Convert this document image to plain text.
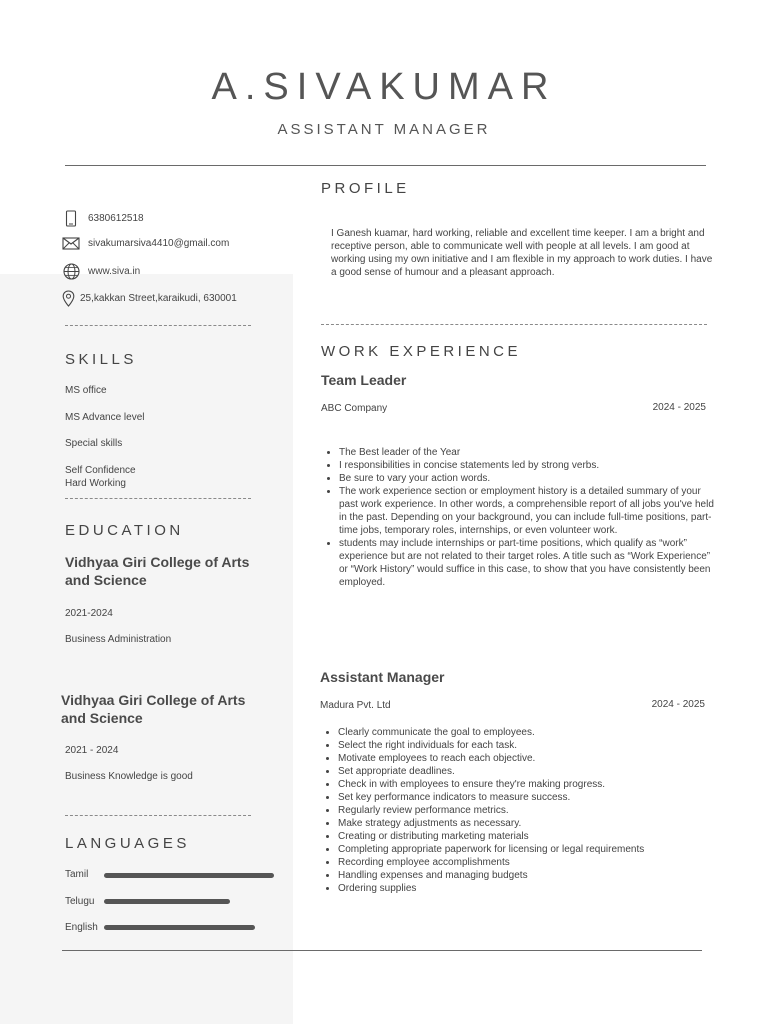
A.SIVAKUMAR
ASSISTANT MANAGER
6380612518
sivakumarsiva4410@gmail.com
www.siva.in
25,kakkan Street,karaikudi, 630001
SKILLS
MS office
MS Advance level
Special skills
Self Confidence
Hard Working
EDUCATION
Vidhyaa Giri College of Arts and Science
2021-2024
Business Administration
Vidhyaa Giri College of Arts and Science
2021 - 2024
Business Knowledge is good
LANGUAGES
Tamil
Telugu
English
PROFILE
I Ganesh kuamar, hard working, reliable and excellent time keeper. I am a bright and receptive person, able to communicate well with people at all levels. I am good at working using my own initiative and I am flexible in my approach to work duties. I have a good sense of humour and a pleasant approach.
WORK EXPERIENCE
Team Leader
ABC Company	2024 - 2025
• The Best leader of the Year
• I responsibilities in concise statements led by strong verbs.
• Be sure to vary your action words.
• The work experience section or employment history is a detailed summary of your past work experience. In other words, a comprehensible report of all jobs you've held in the past. Depending on your background, you can include full-time positions, part-time jobs, temporary roles, internships, or even volunteer work.
• students may include internships or part-time positions, which qualify as “work” experience but are not related to their target roles. A title such as “Work Experience” or “Work History” would suffice in this case, to show that you have consistently been employed.
Assistant Manager
Madura Pvt. Ltd	2024 - 2025
• Clearly communicate the goal to employees.
• Select the right individuals for each task.
• Motivate employees to reach each objective.
• Set appropriate deadlines.
• Check in with employees to ensure they're making progress.
• Set key performance indicators to measure success.
• Regularly review performance metrics.
• Make strategy adjustments as necessary.
• Creating or distributing marketing materials
• Completing appropriate paperwork for licensing or legal requirements
• Recording employee accomplishments
• Handling expenses and managing budgets
• Ordering supplies
